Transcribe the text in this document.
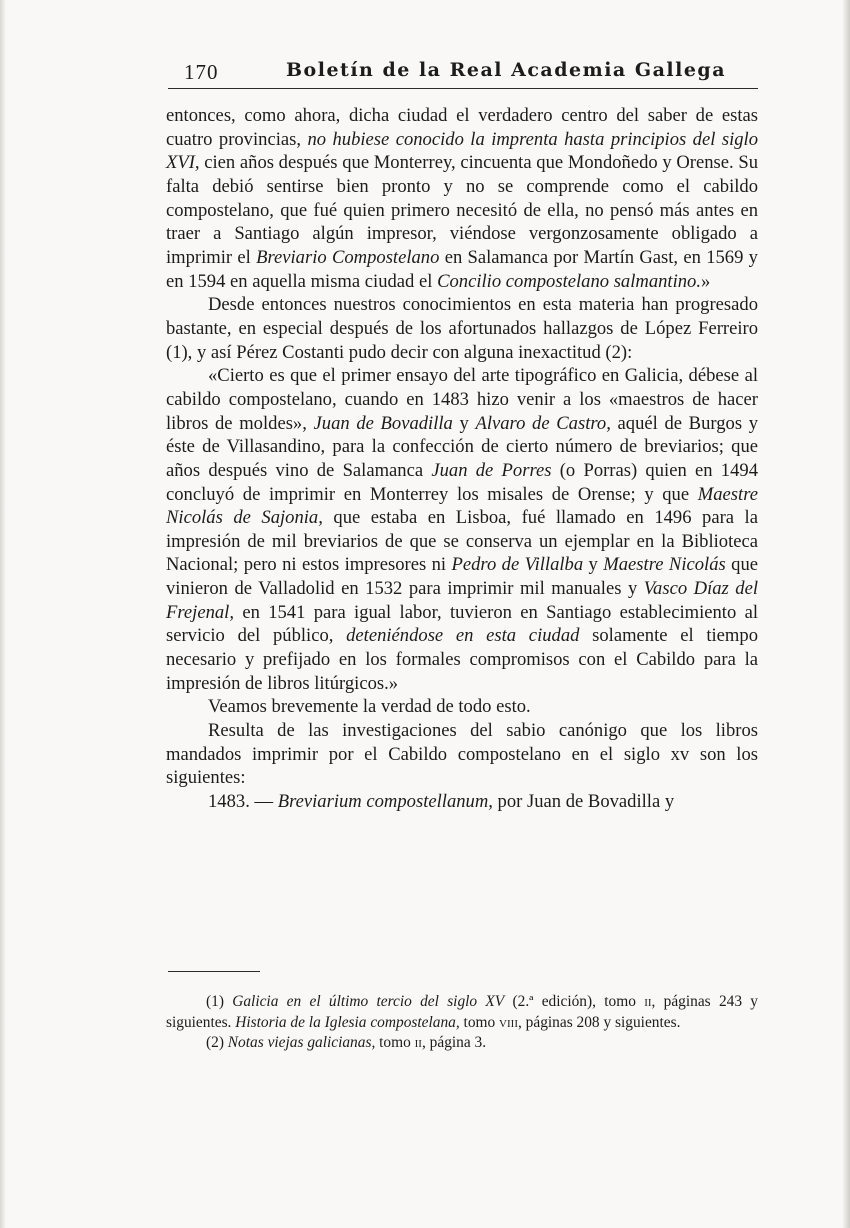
170	Boletín de la Real Academia Gallega

entonces, como ahora, dicha ciudad el verdadero centro del saber de estas cuatro provincias, no hubiese conocido la imprenta hasta principios del siglo XVI, cien años después que Monterrey, cincuenta que Mondoñedo y Orense. Su falta debió sentirse bien pronto y no se comprende como el cabildo compostelano, que fué quien primero necesitó de ella, no pensó más antes en traer a Santiago algún impresor, viéndose vergonzosamente obligado a imprimir el Breviario Compostelano en Salamanca por Martín Gast, en 1569 y en 1594 en aquella misma ciudad el Concilio compostelano salmantino.»

Desde entonces nuestros conocimientos en esta materia han progresado bastante, en especial después de los afortunados hallazgos de López Ferreiro (1), y así Pérez Costanti pudo decir con alguna inexactitud (2):

«Cierto es que el primer ensayo del arte tipográfico en Galicia, débese al cabildo compostelano, cuando en 1483 hizo venir a los «maestros de hacer libros de moldes», Juan de Bovadilla y Alvaro de Castro, aquél de Burgos y éste de Villasandino, para la confección de cierto número de breviarios; que años después vino de Salamanca Juan de Porres (o Porras) quien en 1494 concluyó de imprimir en Monterrey los misales de Orense; y que Maestre Nicolás de Sajonia, que estaba en Lisboa, fué llamado en 1496 para la impresión de mil breviarios de que se conserva un ejemplar en la Biblioteca Nacional; pero ni estos impresores ni Pedro de Villalba y Maestre Nicolás que vinieron de Valladolid en 1532 para imprimir mil manuales y Vasco Díaz del Frejenal, en 1541 para igual labor, tuvieron en Santiago establecimiento al servicio del público, deteniéndose en esta ciudad solamente el tiempo necesario y prefijado en los formales compromisos con el Cabildo para la impresión de libros litúrgicos.»

Veamos brevemente la verdad de todo esto.

Resulta de las investigaciones del sabio canónigo que los libros mandados imprimir por el Cabildo compostelano en el siglo xv son los siguientes:

1483. — Breviarium compostellanum, por Juan de Bovadilla y

(1) Galicia en el último tercio del siglo XV (2.ª edición), tomo ii, páginas 243 y siguientes. Historia de la Iglesia compostelana, tomo viii, páginas 208 y siguientes.

(2) Notas viejas galicianas, tomo ii, página 3.
